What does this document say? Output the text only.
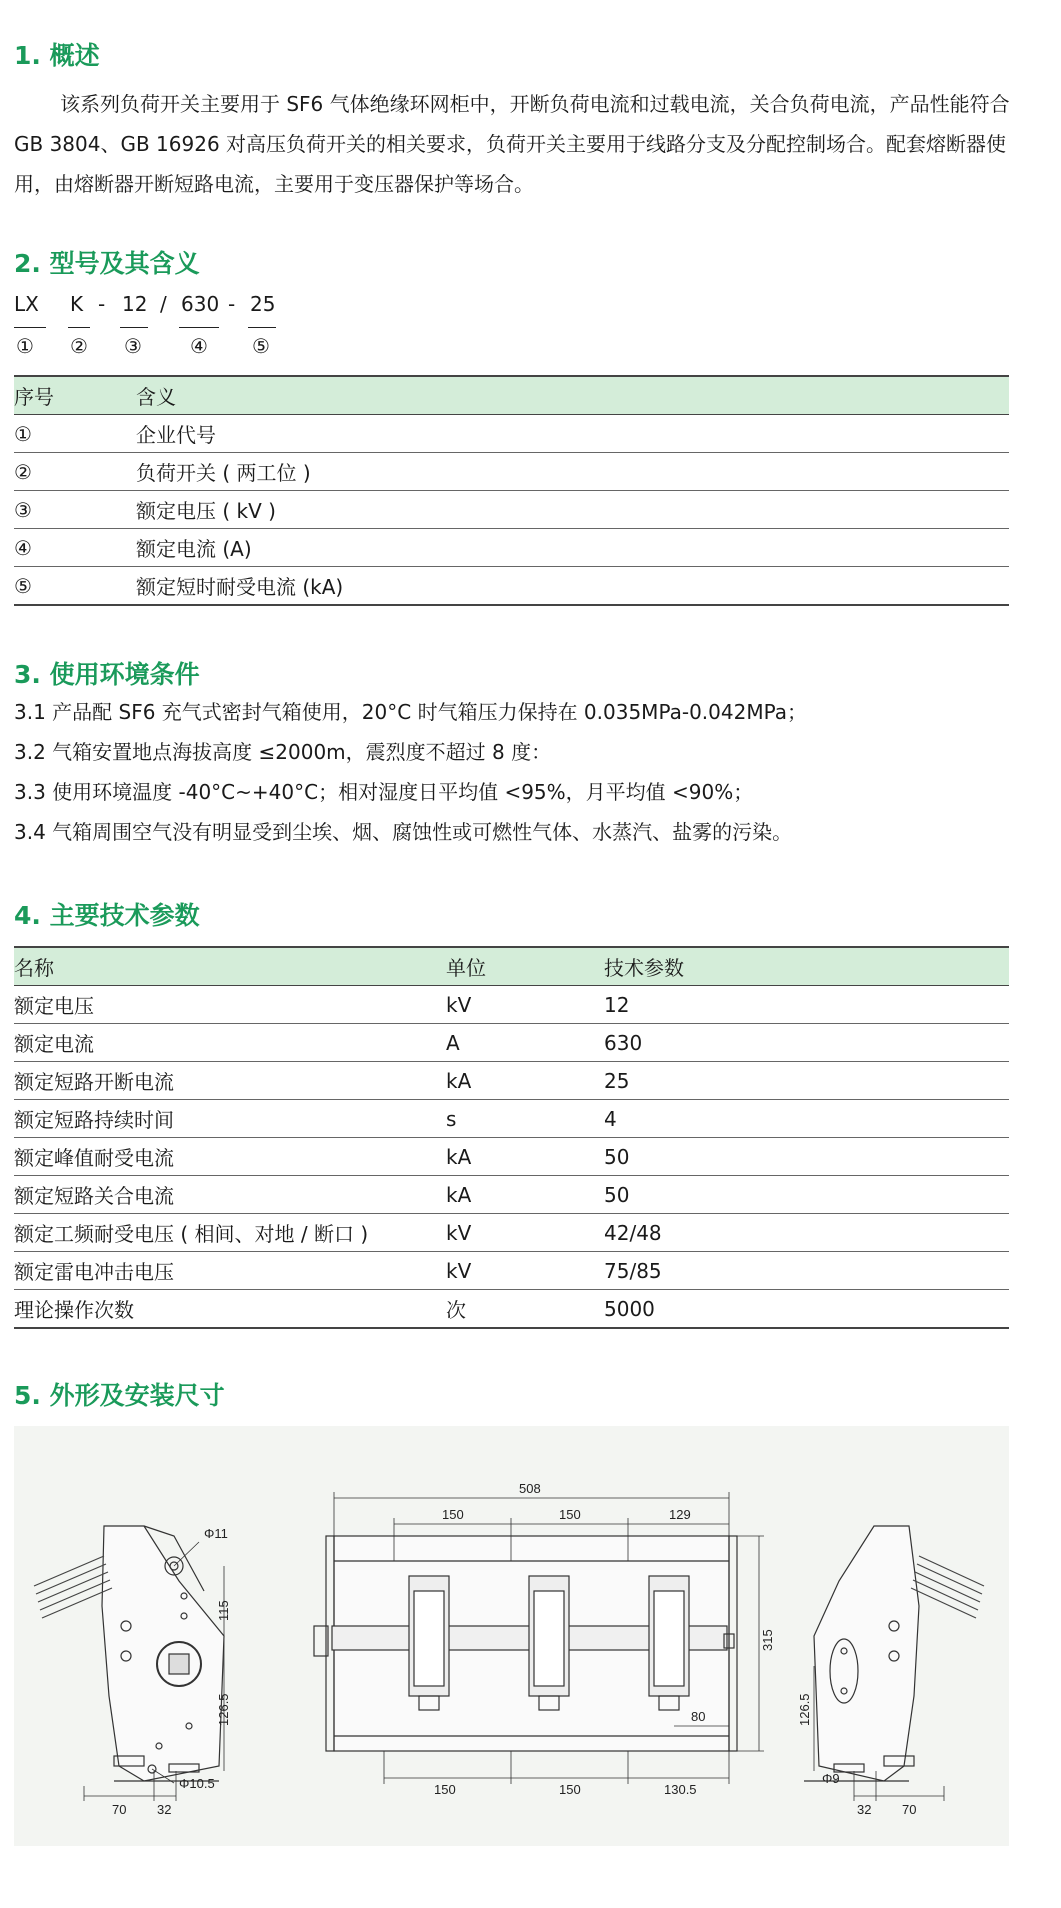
1. 概述

该系列负荷开关主要用于 SF6 气体绝缘环网柜中，开断负荷电流和过载电流，关合负荷电流，产品性能符合 GB 3804、GB 16926 对高压负荷开关的相关要求，负荷开关主要用于线路分支及分配控制场合。配套熔断器使用，由熔断器开断短路电流，主要用于变压器保护等场合。

2. 型号及其含义
LX K - 12 / 630 - 25
① ② ③ ④ ⑤
序号	含义
①	企业代号
②	负荷开关 ( 两工位 )
③	额定电压 ( kV )
④	额定电流 (A)
⑤	额定短时耐受电流 (kA)
3. 使用环境条件
3.1 产品配 SF6 充气式密封气箱使用，20°C 时气箱压力保持在 0.035MPa-0.042MPa；
3.2 气箱安置地点海拔高度 ≤2000m，震烈度不超过 8 度：
3.3 使用环境温度 -40°C~+40°C；相对湿度日平均值 <95%，月平均值 <90%；
3.4 气箱周围空气没有明显受到尘埃、烟、腐蚀性或可燃性气体、水蒸汽、盐雾的污染。
4. 主要技术参数
名称	单位	技术参数
额定电压	kV	12
额定电流	A	630
额定短路开断电流	kA	25
额定短路持续时间	s	4
额定峰值耐受电流	kA	50
额定短路关合电流	kA	50
额定工频耐受电压 ( 相间、对地 / 断口 )	kV	42/48
额定雷电冲击电压	kV	75/85
理论操作次数	次	5000
5. 外形及安装尺寸
Φ11
115
126.5
Φ10.5
70 32
508
150	150	129
315
80
150	150	130.5
126.5
Φ9
32 70
